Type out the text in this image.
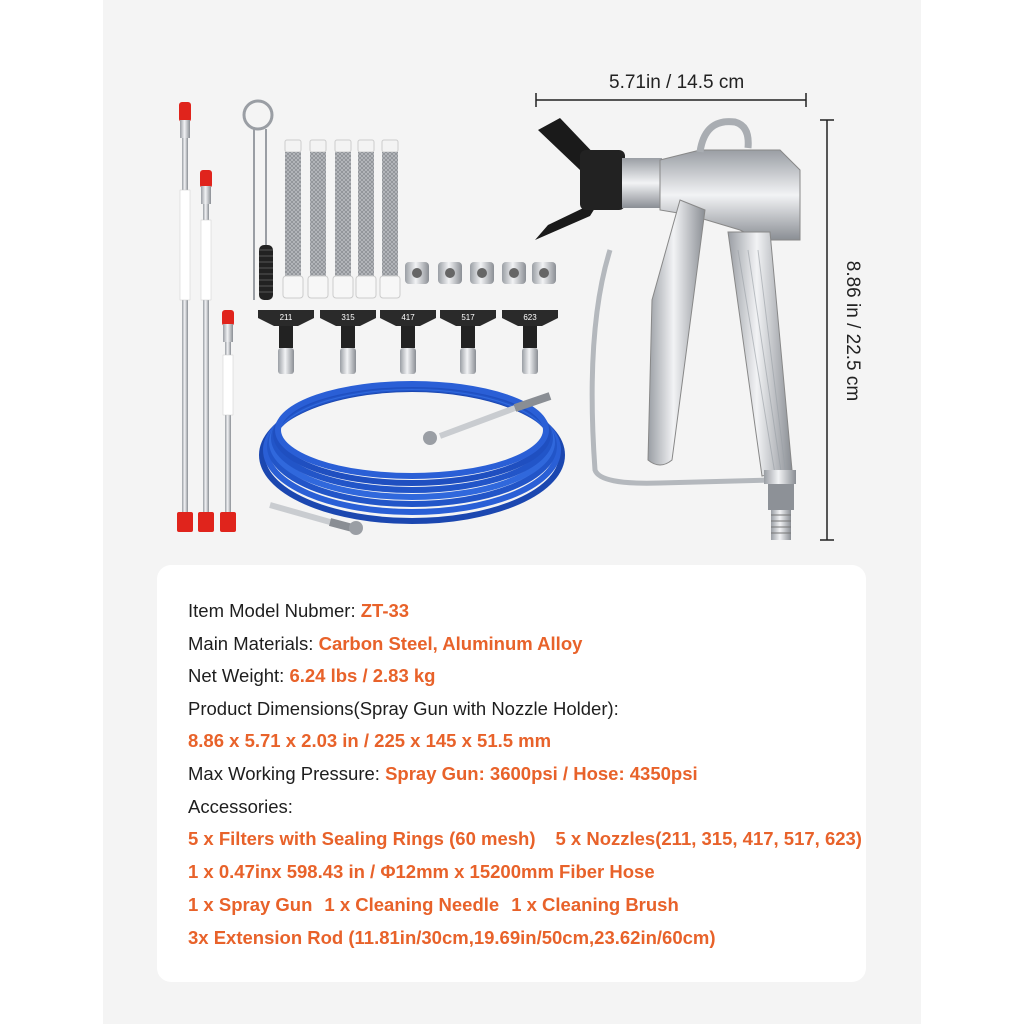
211	315	417	517	623
5.71in / 14.5 cm
8.86 in / 22.5 cm
Item Model Nubmer: ZT-33
Main Materials: Carbon Steel, Aluminum Alloy
Net Weight: 6.24 lbs / 2.83 kg
Product Dimensions(Spray Gun with Nozzle Holder):
8.86 x 5.71 x 2.03 in / 225 x 145 x 51.5 mm
Max Working Pressure: Spray Gun: 3600psi / Hose: 4350psi
Accessories:
5 x Filters with Sealing Rings (60 mesh) 5 x Nozzles(211, 315, 417, 517, 623)
1 x 0.47inx 598.43 in / Φ12mm x 15200mm Fiber Hose
1 x Spray Gun 1 x Cleaning Needle 1 x Cleaning Brush
3x Extension Rod (11.81in/30cm,19.69in/50cm,23.62in/60cm)
